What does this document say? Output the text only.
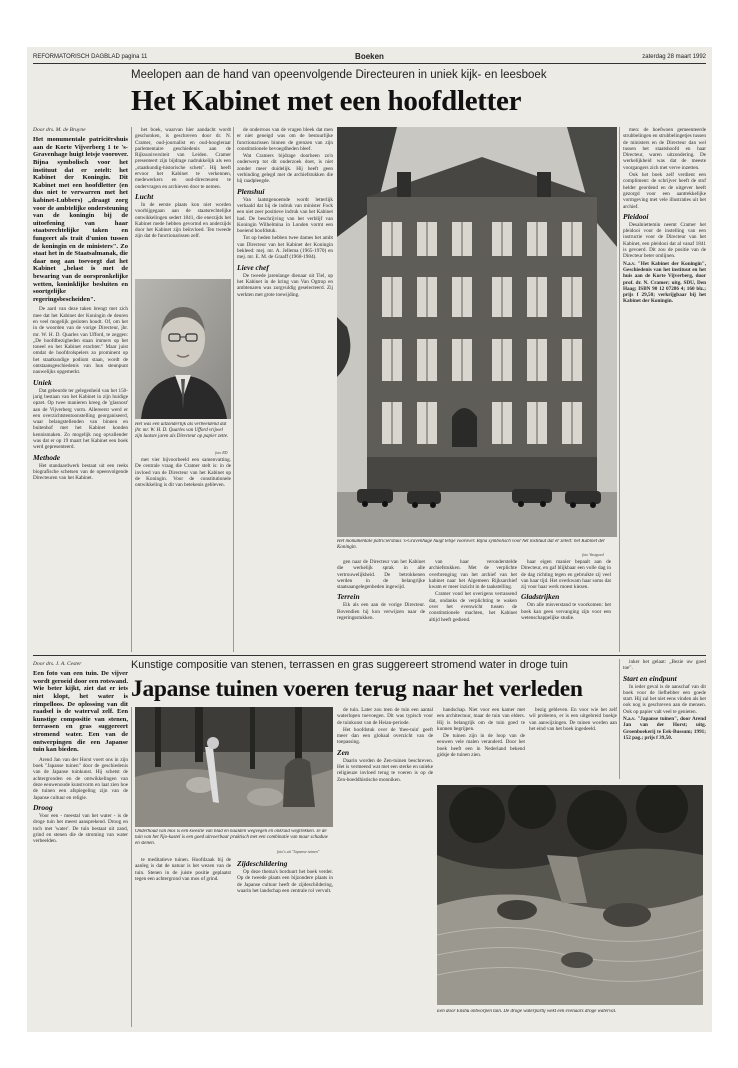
REFORMATORISCH DAGBLAD pagina 11	Boeken	zaterdag 28 maart 1992
Meelopen aan de hand van opeenvolgende Directeuren in uniek kijk- en leesboek
Het Kabinet met een hoofdletter

Door drs. M. de Bruyne

Het monumentale patriciërshuis aan de Korte Vijverberg 1 te 's-Gravenhage huigt letsje voorover. Bijna symbolisch voor het instituut dat er zetelt: het Kabinet der Koningin. Dit Kabinet met een hoofdletter (en dus niet te verwarren met het kabinet-Lubbers) „draagt zorg voor de ambtelijke ondersteuning van de koningin bij de uitoefening van haar staatsrechtelijke taken en fungeert als trait d'union tussen de koningin en de ministers". Zo staat het in de Staatsalmanak, die daar nog aan toevoegt dat het Kabinet „belast is met de bewaring van de oorspronkelijke wetten, koninklijke besluiten en soortgelijke regeringsbescheiden".

De aard van deze taken brengt met zich mee dat het Kabinet der Koningin de deuren en veel mogelijk gesloten houdt. Of, om het in de woorden van de vorige Directeur, jhr. mr. W. H. D. Quarles van Ufford, te zeggen: „De hoofdbezigheden staan immers op het toneel en het Kabinet erachter." Maar juist omdat de hoofdrolspelers zo prominent op het staatkundige podium staan, wordt de ontstaansgeschiedenis van hun steunpunt nauwelijks opgemerkt.

Uniek

Dat gebeurde ter gelegenheid van het 150-jarig bestaan van het Kabinet in zijn huidige opzet. Op twee manieren kreeg de 'glasnost' aan de Vijverberg vorm. Allereerst werd er een overzichtstentoonstelling georganiseerd, waar belangstellenden van binnen en buitenhof met het Kabinet konden kennismaken. Zo mogelijk nog opvallender was dat er op 19 maart het Kabinet een boek werd gepresenteerd.

Methode

Het standaardwerk bestaat uit een reeks biografische schetsen van de opeenvolgende Directeuren van het Kabinet.

het boek, waarvan hier aandacht wordt geschonken, is geschreven door dr. N. Cramer, oud-journalist en oud-hoogleraar parlementaire geschiedenis aan de Rijksuniversiteit van Leiden. Cramer presenteert zijn bijdrage nadrukkelijk als een „staatkundig-historische schets". Hij heeft ervoor het Kabinet te verkennen, medewerkers en oud-directeuren te ondervragen en archieven door te nemen.

Lucht

In de eerste plaats kon niet worden voorbijgegaan aan de staatsrechtelijke ontwikkelingen sedert 1841, die enerzijds het Kabinet mede hebben gevormd en anderzijds door het Kabinet zijn beïnvloed. Ten tweede zijn dat de functionarissen zelf.

Het was een uitzonderlijk als verbeeldend dat jhr. mr. W. H. D. Quarles van Ufford vrijwel zijn laatste jaren als Directeur op papier zette.
foto RD

met vier bijvoorbeeld een samenvatting. De centrale vraag die Cramer stelt is: in de invloed van de Directeur van het Kabinet op de Koningin. Voor de constitutionele ontwikkeling is dit van betekenis gebleven.

de onderroos van de vragen bleek dat men er niet geneigd was om de bestuurlijke functionarissen binnen de grenzen van zijn constitutionele bevoegdheden bleef.

Wat Cramers bijdrage doorheen zo'n onderwerp tot dit onderzoek doet, is niet zonder meer duidelijk. Hij heeft geen verbinding gelegd met de archiefstukken die hij raadpleegde.

Plenshui

Van laatstgenoemde wordt letterlijk verhaald dat hij de indruk van minister Fock een niet zeer positieve indruk van het Kabinet had. De beschrijving van het verblijf van Koningin Wilhelmina in Londen vormt een boeiend hoofdstuk.

Tot op heden hebben twee dames het ambt van Directeur van het Kabinet der Koningin bekleed: mej. mr. A. Jellema (1965-1970) en mej. mr. E. M. de Graaff (1968-1984).

Lieve chef

De tweede jarenlange dienaar uit Tiel, op het Kabinet in de kring van Van Ogtrop en ambtenaren was zorgvuldig geselecteerd. Zij werkten met grote toewijding.

Het monumentale patriciërshuis 's-Gravenhage huigt letsje voorover. Bijna symbolisch voor het instituut dat er zetelt: het Kabinet der Koningin.
foto Vastgoed

gen naar de Directeur van het Kabinet die werkelijk sprak in alle vertrouwelijkheid. De betrokkenen werden in de belangrijke staatsaangelegenheden ingewijd.

Terrein

Eik als een aan de vorige Directeur. Bovendien hij kon verwijzen naar de regeringsstukken.

van haar veronderstelde archiefstukken. Met de verplichte overbrenging van het archief van het kabinet naar het Algemeen Rijksarchief kwam er meer inzicht in de taakstelling.

Cramer vond het overigens verrassend dat, ondanks de verplichting te waken over het evenwicht tussen de constitutionele machten, het Kabinet altijd heeft gediend.

haar eigen manier bepaalt aan de Directeur, en gaf blijkbaar een volle dag in de dag richting tegen en gebruikte zij veel van haar tijd. Het overkwam haar soms dat zij voor haar werk moest kiezen.

Gladstrijken

Om alle misverstand te voorkomen: het boek kan geen vervanging zijn voor een wetenschappelijke studie.

men: de hoefwoen gemeenteerde strubbelingen en strubbelingetjes tussen de ministers en de Directeur dan wel tussen het staatshoofd en haar Directeur, waren uitzondering. De werkelijkheid was dat de meeste voorgangers zich met verve inzetten.

Ook het boek zelf verdient een compliment: de schrijver heeft de stof helder geordend en de uitgever heeft gezorgd voor een aantrekkelijke vormgeving met vele illustraties uit het archief.

Pleidooi

Desalniettemin neemt Cramer het pleidooi voor de instelling van een instructie voor de Directeur van het Kabinet, een pleidooi dat al vanaf 1841 is gevoerd. Dit zou de positie van de Directeur beter omlijnen.

N.a.v. "Het Kabinet der Koningin", Geschiedenis van het instituut en het huis aan de Korte Vijverberg, door prof. dr. N. Cramer; uitg. SDU, Den Haag; ISBN 90 12 07286 4; 160 blz.; prijs f 29,50; verkrijgbaar bij het Kabinet der Koningin.

Kunstige compositie van stenen, terrassen en gras suggereert stromend water in droge tuin
Japanse tuinen voeren terug naar het verleden

Door drs. J. A. Cester

Een foto van een tuin. De vijver wordt geroeid door een rotswand. Wie beter kijkt, ziet dat er iets niet klopt, het water is rimpelloos. De oplossing van dit raadsel is de waterval zelf. Een kunstige compositie van stenen, terrassen en gras suggereert stromend water. Een van de ontwerpingen die een Japanse tuin kan bieden.

Arend Jan van der Horst voert ons in zijn boek "Japanse tuinen" door de geschiedenis van de Japanse tuinkunst. Hij schetst de achtergronden en de ontwikkelingen van deze eeuwenoude kunstvorm en laat zien hoe de tuinen een afspiegeling zijn van de Japanse cultuur en religie.

Droog

Voor een - meestal van het water - is de droge tuin het meest aansprekend. Droog en toch met 'water'. De tuin bestaat uit zand, grind en stenen die de stroming van water verbeelden.

Onderhoud van mos is een kwestie van blad en naalden wegvegen en onkruid wegtrekken. Je de tuin van het Njo-kastel is een goed uitvoerbaar praktisch met een combinatie van maar schaduw en stenen.
foto's uit "Japanse tuinen"

te meditatieve tuinen. Hoofdzaak bij de aanleg is dat de natuur is het wezen van de tuin. Stenen in de juiste positie geplaatst tegen een achtergrond van mos of grind.

Zijdeschildering

Op deze thema's borduurt het boek verder. Op de tweede plaats een bijzondere plaats in de Japanse cultuur heeft de zijdeschildering, waarin het landschap een centrale rol vervult.

de tuin. Later zou men de tuin een aantal waterlopen toevoegen. Dit was typisch voor de tuinkunst van de Heian-periode.

Het hoofdstuk over de 'thee-tuin' geeft meer dan een globaal overzicht van de toepassing.

Zen

Daarin worden de Zen-tuinen beschreven. Het is vermeend wat met een sterke en unieke religieuze invloed terug te voeren is op de Zen-boeddhistische monniken.

handschap. Niet voor een kamer met een architectuur, maar de tuin van elders. Hij is belangrijk om de tuin goed te kunnen begrijpen.

De tuinen zijn in de loop van de eeuwen vele malen veranderd. Door het boek heeft een in Nederland bekend gidsje de tuinen zien.

bezig gebleven. En voor wie het zelf wil proberen, er is een uitgebreid boekje van aanwijzingen. De tuinen worden aan het eind van het boek ingedeeld.

Een door Enshu ontworpen tuin. De droge waterpartij wekt een evenaars droge waterval.

inker het gelaat: „Bezie uw goed toe".

Start en eindpunt

In ieder geval is de aanschaf van dit boek voor de liefhebber een goede start. Hij zal het niet eens vinden als het ook nog is geschreven aan de mensen. Ook op papier valt veel te genieten.

N.a.v. "Japanse tuinen", door Arend Jan van der Horst; uitg. Groenboekerij te Eek-Bussum; 1991; 152 pag.; prijs f 39,50.
